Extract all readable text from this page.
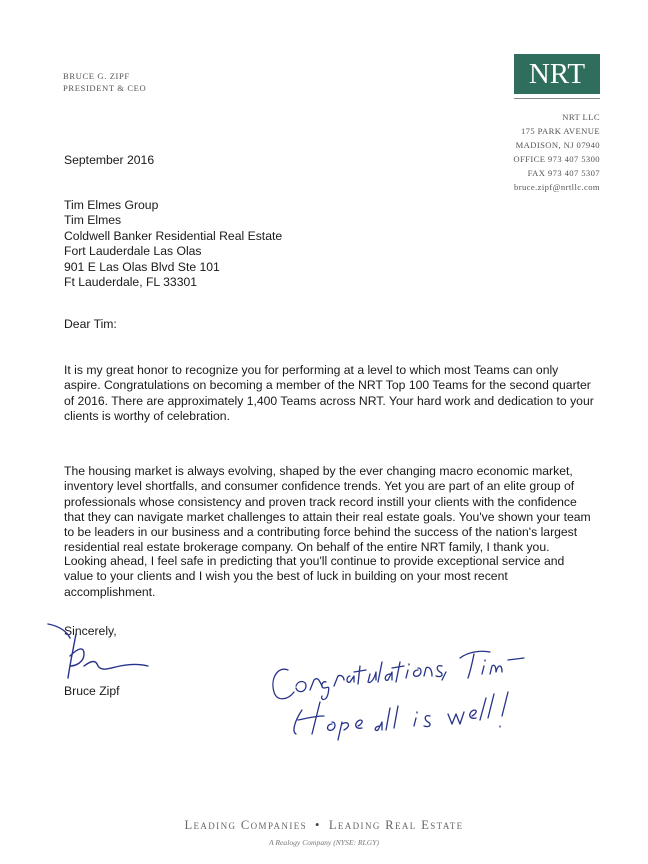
BRUCE G. ZIPF
PRESIDENT & CEO	NRT
NRT LLC
175 PARK AVENUE
MADISON, NJ 07940
OFFICE 973 407 5300
FAX 973 407 5307
bruce.zipf@nrtllc.com
September 2016
Tim Elmes Group
Tim Elmes
Coldwell Banker Residential Real Estate
Fort Lauderdale Las Olas
901 E Las Olas Blvd Ste 101
Ft Lauderdale, FL 33301
Dear Tim:

It is my great honor to recognize you for performing at a level to which most Teams can only aspire. Congratulations on becoming a member of the NRT Top 100 Teams for the second quarter of 2016. There are approximately 1,400 Teams across NRT. Your hard work and dedication to your clients is worthy of celebration.

The housing market is always evolving, shaped by the ever changing macro economic market, inventory level shortfalls, and consumer confidence trends. Yet you are part of an elite group of professionals whose consistency and proven track record instill your clients with the confidence that they can navigate market challenges to attain their real estate goals. You've shown your team to be leaders in our business and a contributing force behind the success of the nation's largest residential real estate brokerage company. On behalf of the entire NRT family, I thank you.

Looking ahead, I feel safe in predicting that you'll continue to provide exceptional service and value to your clients and I wish you the best of luck in building on your most recent accomplishment.

Sincerely,
Bruce Zipf
Leading Companies • Leading Real Estate
A Realogy Company (NYSE: RLGY)
